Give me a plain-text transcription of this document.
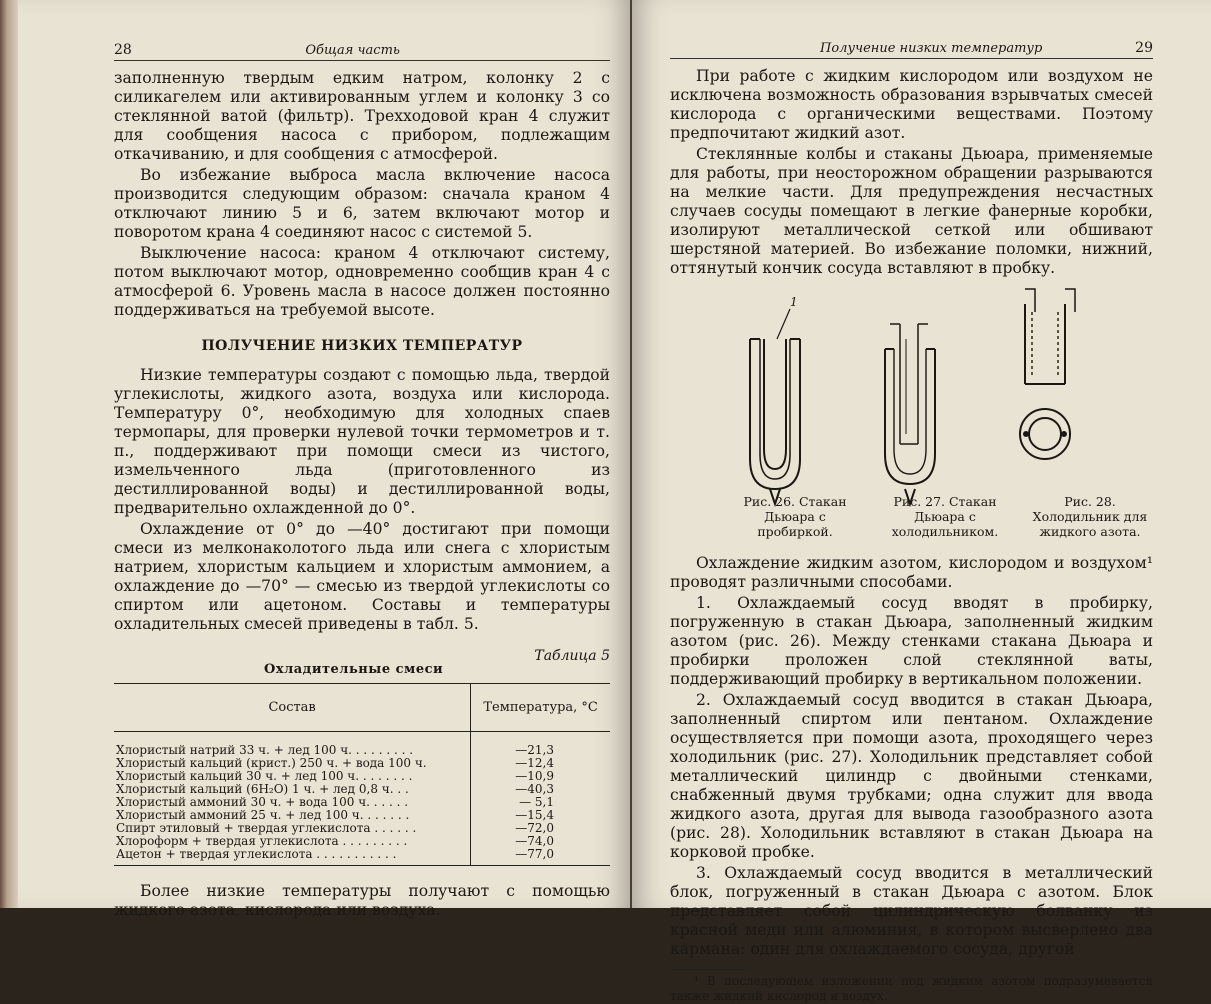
28	Общая часть

заполненную твердым едким натром, колонку 2 с силикагелем или активированным углем и колонку 3 со стеклянной ватой (фильтр). Трехходовой кран 4 служит для сообщения насоса с прибором, подлежащим откачиванию, и для сообщения с атмосферой.

Во избежание выброса масла включение насоса производится следующим образом: сначала краном 4 отключают линию 5 и 6, затем включают мотор и поворотом крана 4 соединяют насос с системой 5.

Выключение насоса: краном 4 отключают систему, потом выключают мотор, одновременно сообщив кран 4 с атмосферой 6. Уровень масла в насосе должен постоянно поддерживаться на требуемой высоте.

ПОЛУЧЕНИЕ НИЗКИХ ТЕМПЕРАТУР

Низкие температуры создают с помощью льда, твердой углекислоты, жидкого азота, воздуха или кислорода. Температуру 0°, необходимую для холодных спаев термопары, для проверки нулевой точки термометров и т. п., поддерживают при помощи смеси из чистого, измельченного льда (приготовленного из дестиллированной воды) и дестиллированной воды, предварительно охлажденной до 0°.

Охлаждение от 0° до —40° достигают при помощи смеси из мелконаколотого льда или снега с хлористым натрием, хлористым кальцием и хлористым аммонием, а охлаждение до —70° — смесью из твердой углекислоты со спиртом или ацетоном. Составы и температуры охладительных смесей приведены в табл. 5.

Таблица 5
Охладительные смеси
Состав	Температура, °С
Хлористый натрий 33 ч. + лед 100 ч. . . . . . . . .	—21,3
Хлористый кальций (крист.) 250 ч. + вода 100 ч.	—12,4
Хлористый кальций 30 ч. + лед 100 ч. . . . . . . .	—10,9
Хлористый кальций (6H₂O) 1 ч. + лед 0,8 ч. . .	—40,3
Хлористый аммоний 30 ч. + вода 100 ч. . . . . .	— 5,1
Хлористый аммоний 25 ч. + лед 100 ч. . . . . . .	—15,4
Спирт этиловый + твердая углекислота . . . . . .	—72,0
Хлороформ + твердая углекислота . . . . . . . . .	—74,0
Ацетон + твердая углекислота . . . . . . . . . . .	—77,0

Более низкие температуры получают с помощью жидкого азота, кислорода или воздуха.

Получение низких температур	29

При работе с жидким кислородом или воздухом не исключена возможность образования взрывчатых смесей кислорода с органическими веществами. Поэтому предпочитают жидкий азот.

Стеклянные колбы и стаканы Дьюара, применяемые для работы, при неосторожном обращении разрываются на мелкие части. Для предупреждения несчастных случаев сосуды помещают в легкие фанерные коробки, изолируют металлической сеткой или обшивают шерстяной материей. Во избежание поломки, нижний, оттянутый кончик сосуда вставляют в пробку.

1
Рис. 26. Стакан Дьюара с пробиркой.
Рис. 27. Стакан Дьюара с холодильником.
Рис. 28. Холодильник для жидкого азота.

Охлаждение жидким азотом, кислородом и воздухом¹ проводят различными способами.

1. Охлаждаемый сосуд вводят в пробирку, погруженную в стакан Дьюара, заполненный жидким азотом (рис. 26). Между стенками стакана Дьюара и пробирки проложен слой стеклянной ваты, поддерживающий пробирку в вертикальном положении.

2. Охлаждаемый сосуд вводится в стакан Дьюара, заполненный спиртом или пентаном. Охлаждение осуществляется при помощи азота, проходящего через холодильник (рис. 27). Холодильник представляет собой металлический цилиндр с двойными стенками, снабженный двумя трубками; одна служит для ввода жидкого азота, другая для вывода газообразного азота (рис. 28). Холодильник вставляют в стакан Дьюара на корковой пробке.

3. Охлаждаемый сосуд вводится в металлический блок, погруженный в стакан Дьюара с азотом. Блок представляет собой цилиндрическую болванку из красной меди или алюминия, в котором высверлено два кармана: один для охлаждаемого сосуда, другой

¹ В последующем изложении под жидким азотом подразумевается также жидкий кислород и воздух.
